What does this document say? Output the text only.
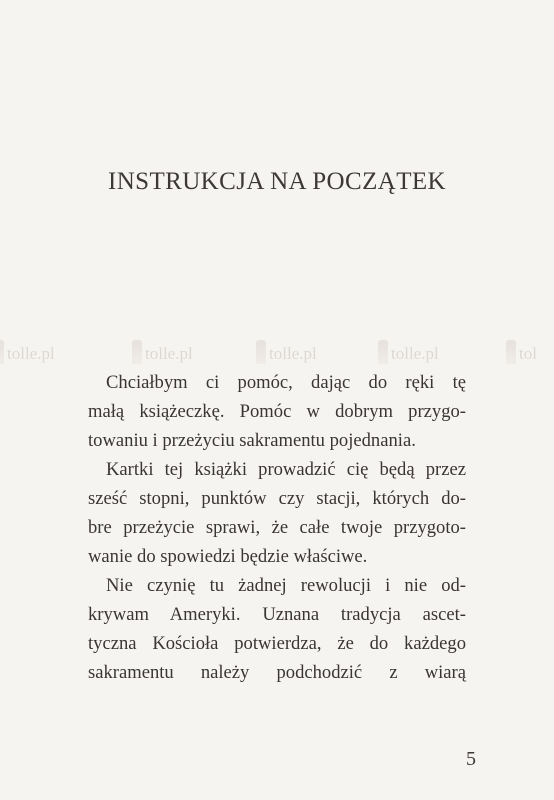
INSTRUKCJA NA POCZĄTEK
tolle.pl	tolle.pl	tolle.pl	tolle.pl	tol
Chciałbym ci pomóc, dając do ręki tę
małą książeczkę. Pomóc w dobrym przygo-
towaniu i przeżyciu sakramentu pojednania.
Kartki tej książki prowadzić cię będą przez
sześć stopni, punktów czy stacji, których do-
bre przeżycie sprawi, że całe twoje przygoto-
wanie do spowiedzi będzie właściwe.
Nie czynię tu żadnej rewolucji i nie od-
krywam Ameryki. Uznana tradycja ascet-
tyczna Kościoła potwierdza, że do każdego
sakramentu należy podchodzić z wiarą
5
